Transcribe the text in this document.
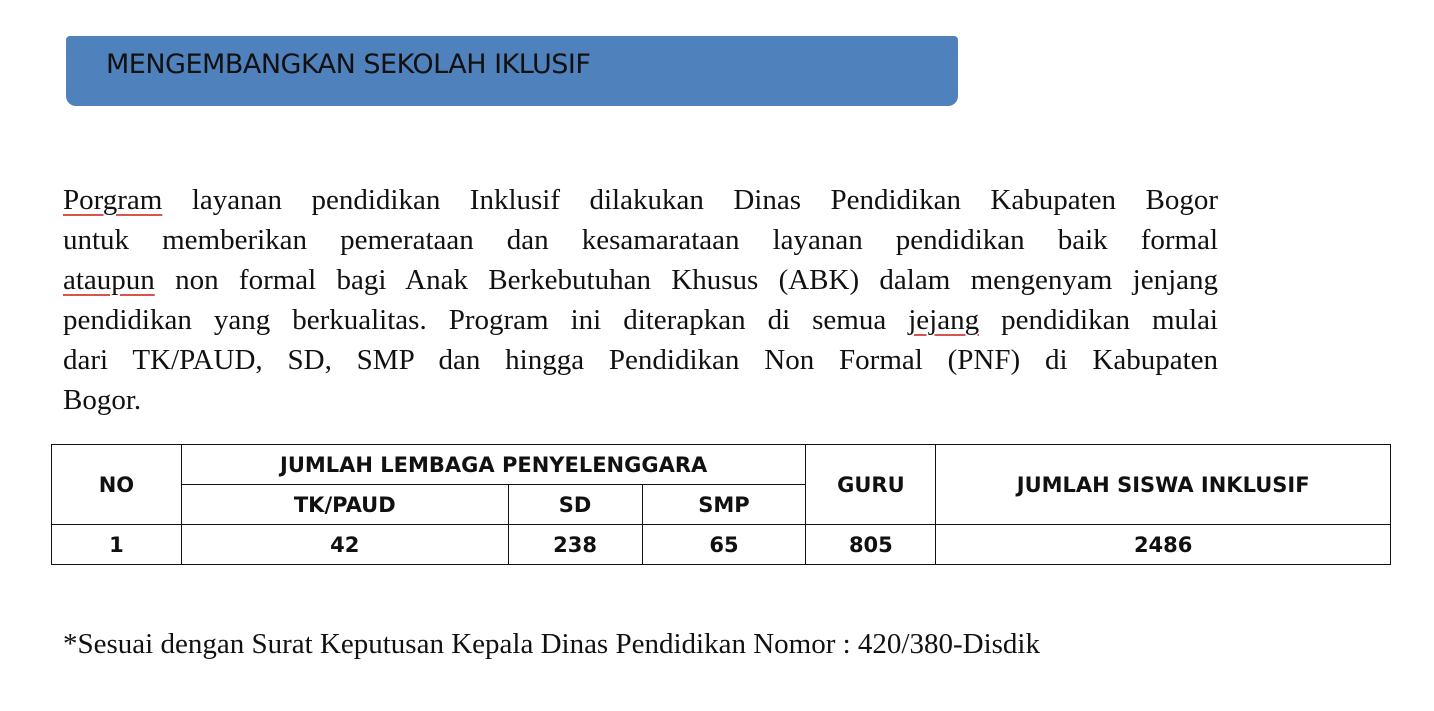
MENGEMBANGKAN SEKOLAH IKLUSIF
Porgram layanan pendidikan Inklusif dilakukan Dinas Pendidikan Kabupaten Bogor
untuk memberikan pemerataan dan kesamarataan layanan pendidikan baik formal
ataupun non formal bagi Anak Berkebutuhan Khusus (ABK) dalam mengenyam jenjang
pendidikan yang berkualitas. Program ini diterapkan di semua jejang pendidikan mulai
dari TK/PAUD, SD, SMP dan hingga Pendidikan Non Formal (PNF) di Kabupaten
Bogor.
NO	JUMLAH LEMBAGA PENYELENGGARA			GURU	JUMLAH SISWA INKLUSIF
	TK/PAUD	SD	SMP		
1	42	238	65	805	2486

*Sesuai dengan Surat Keputusan Kepala Dinas Pendidikan Nomor : 420/380-Disdik
